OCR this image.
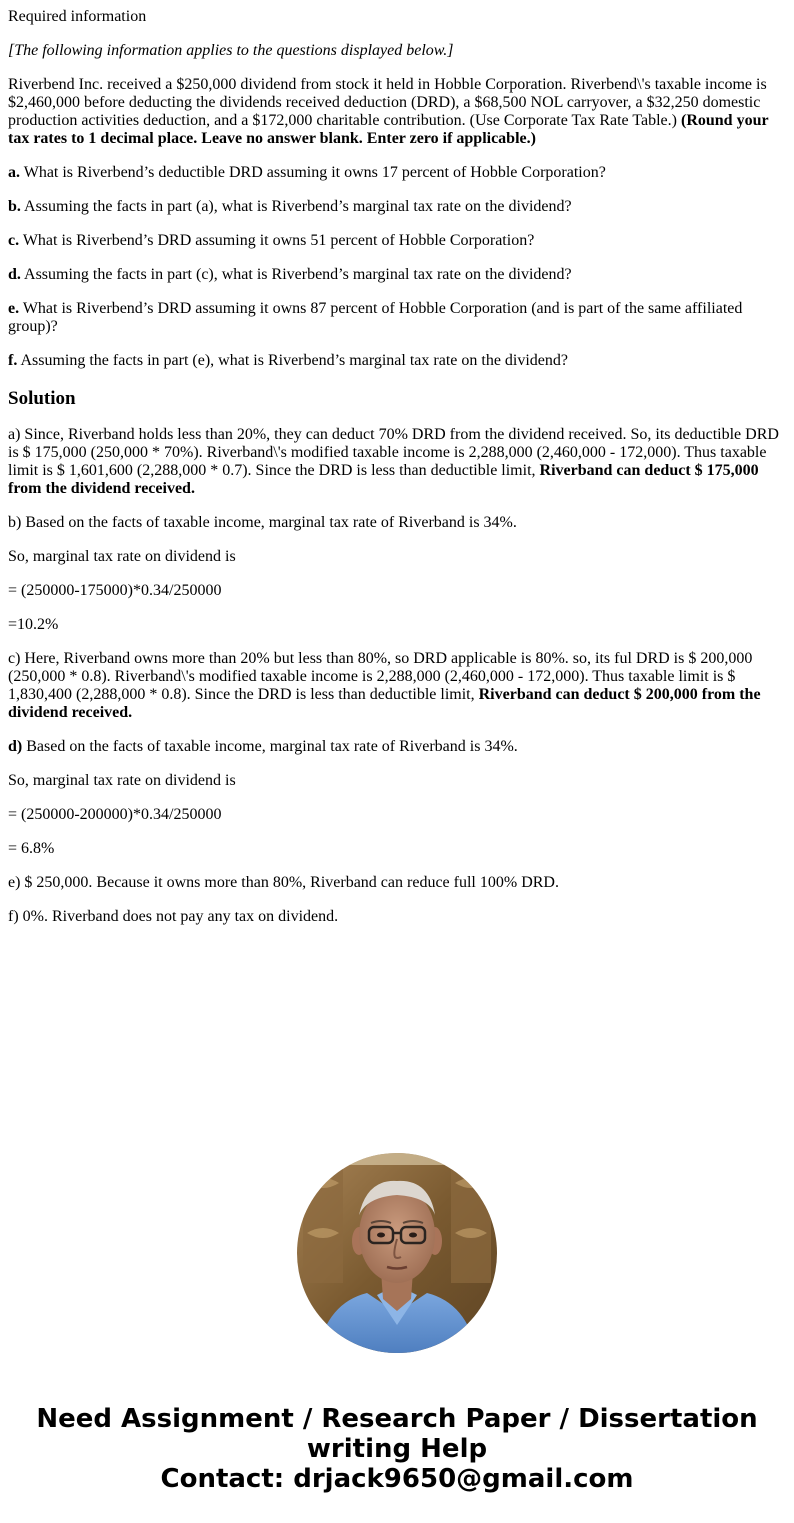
Required information

[The following information applies to the questions displayed below.]

Riverbend Inc. received a $250,000 dividend from stock it held in Hobble Corporation. Riverbend\'s taxable income is $2,460,000 before deducting the dividends received deduction (DRD), a $68,500 NOL carryover, a $32,250 domestic production activities deduction, and a $172,000 charitable contribution. (Use Corporate Tax Rate Table.) (Round your tax rates to 1 decimal place. Leave no answer blank. Enter zero if applicable.)

a. What is Riverbend’s deductible DRD assuming it owns 17 percent of Hobble Corporation?

b. Assuming the facts in part (a), what is Riverbend’s marginal tax rate on the dividend?

c. What is Riverbend’s DRD assuming it owns 51 percent of Hobble Corporation?

d. Assuming the facts in part (c), what is Riverbend’s marginal tax rate on the dividend?

e. What is Riverbend’s DRD assuming it owns 87 percent of Hobble Corporation (and is part of the same affiliated group)?

f. Assuming the facts in part (e), what is Riverbend’s marginal tax rate on the dividend?

Solution

a) Since, Riverband holds less than 20%, they can deduct 70% DRD from the dividend received. So, its deductible DRD is $ 175,000 (250,000 * 70%). Riverband\'s modified taxable income is 2,288,000 (2,460,000 - 172,000). Thus taxable limit is $ 1,601,600 (2,288,000 * 0.7). Since the DRD is less than deductible limit, Riverband can deduct $ 175,000 from the dividend received.

b) Based on the facts of taxable income, marginal tax rate of Riverband is 34%.

So, marginal tax rate on dividend is

= (250000-175000)*0.34/250000

=10.2%

c) Here, Riverband owns more than 20% but less than 80%, so DRD applicable is 80%. so, its ful DRD is $ 200,000 (250,000 * 0.8). Riverband\'s modified taxable income is 2,288,000 (2,460,000 - 172,000). Thus taxable limit is $ 1,830,400 (2,288,000 * 0.8). Since the DRD is less than deductible limit, Riverband can deduct $ 200,000 from the dividend received.

d) Based on the facts of taxable income, marginal tax rate of Riverband is 34%.

So, marginal tax rate on dividend is

= (250000-200000)*0.34/250000

= 6.8%

e) $ 250,000. Because it owns more than 80%, Riverband can reduce full 100% DRD.

f) 0%. Riverband does not pay any tax on dividend.

Need Assignment / Research Paper / Dissertation
writing Help
Contact: drjack9650@gmail.com
